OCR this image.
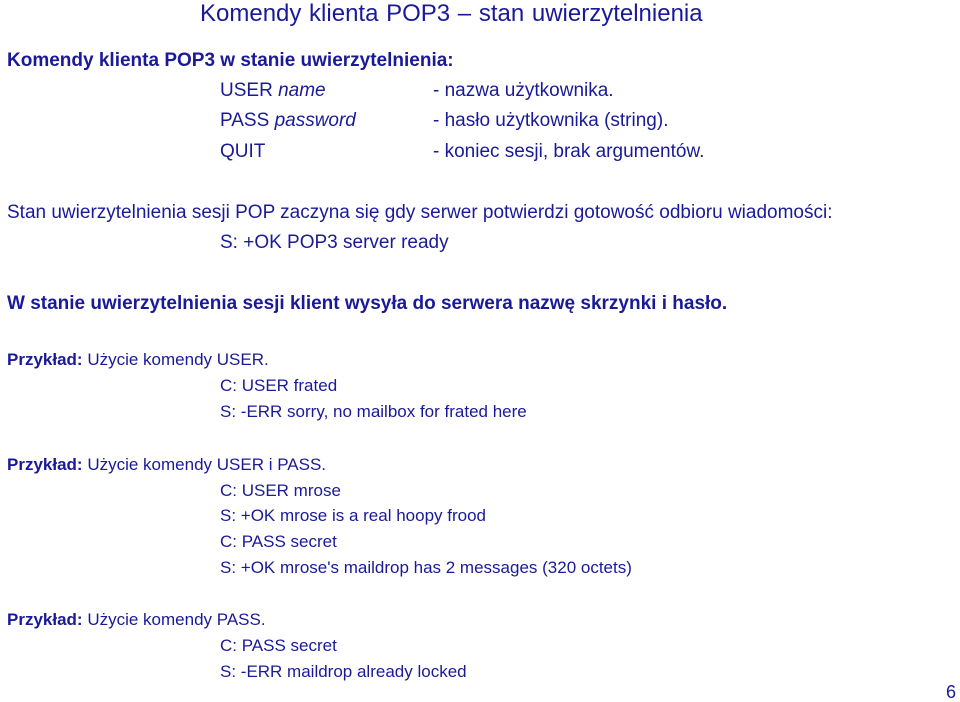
Komendy klienta POP3 – stan uwierzytelnienia
Komendy klienta POP3 w stanie uwierzytelnienia:
USER name	- nazwa użytkownika.
PASS password	- hasło użytkownika (string).
QUIT	- koniec sesji, brak argumentów.
Stan uwierzytelnienia sesji POP zaczyna się gdy serwer potwierdzi gotowość odbioru wiadomości:
S: +OK POP3 server ready
W stanie uwierzytelnienia sesji klient wysyła do serwera nazwę skrzynki i hasło.
Przykład: Użycie komendy USER.
C: USER frated
S: -ERR sorry, no mailbox for frated here
Przykład: Użycie komendy USER i PASS.
C: USER mrose
S: +OK mrose is a real hoopy frood
C: PASS secret
S: +OK mrose's maildrop has 2 messages (320 octets)
Przykład: Użycie komendy PASS.
C: PASS secret
S: -ERR maildrop already locked
6
